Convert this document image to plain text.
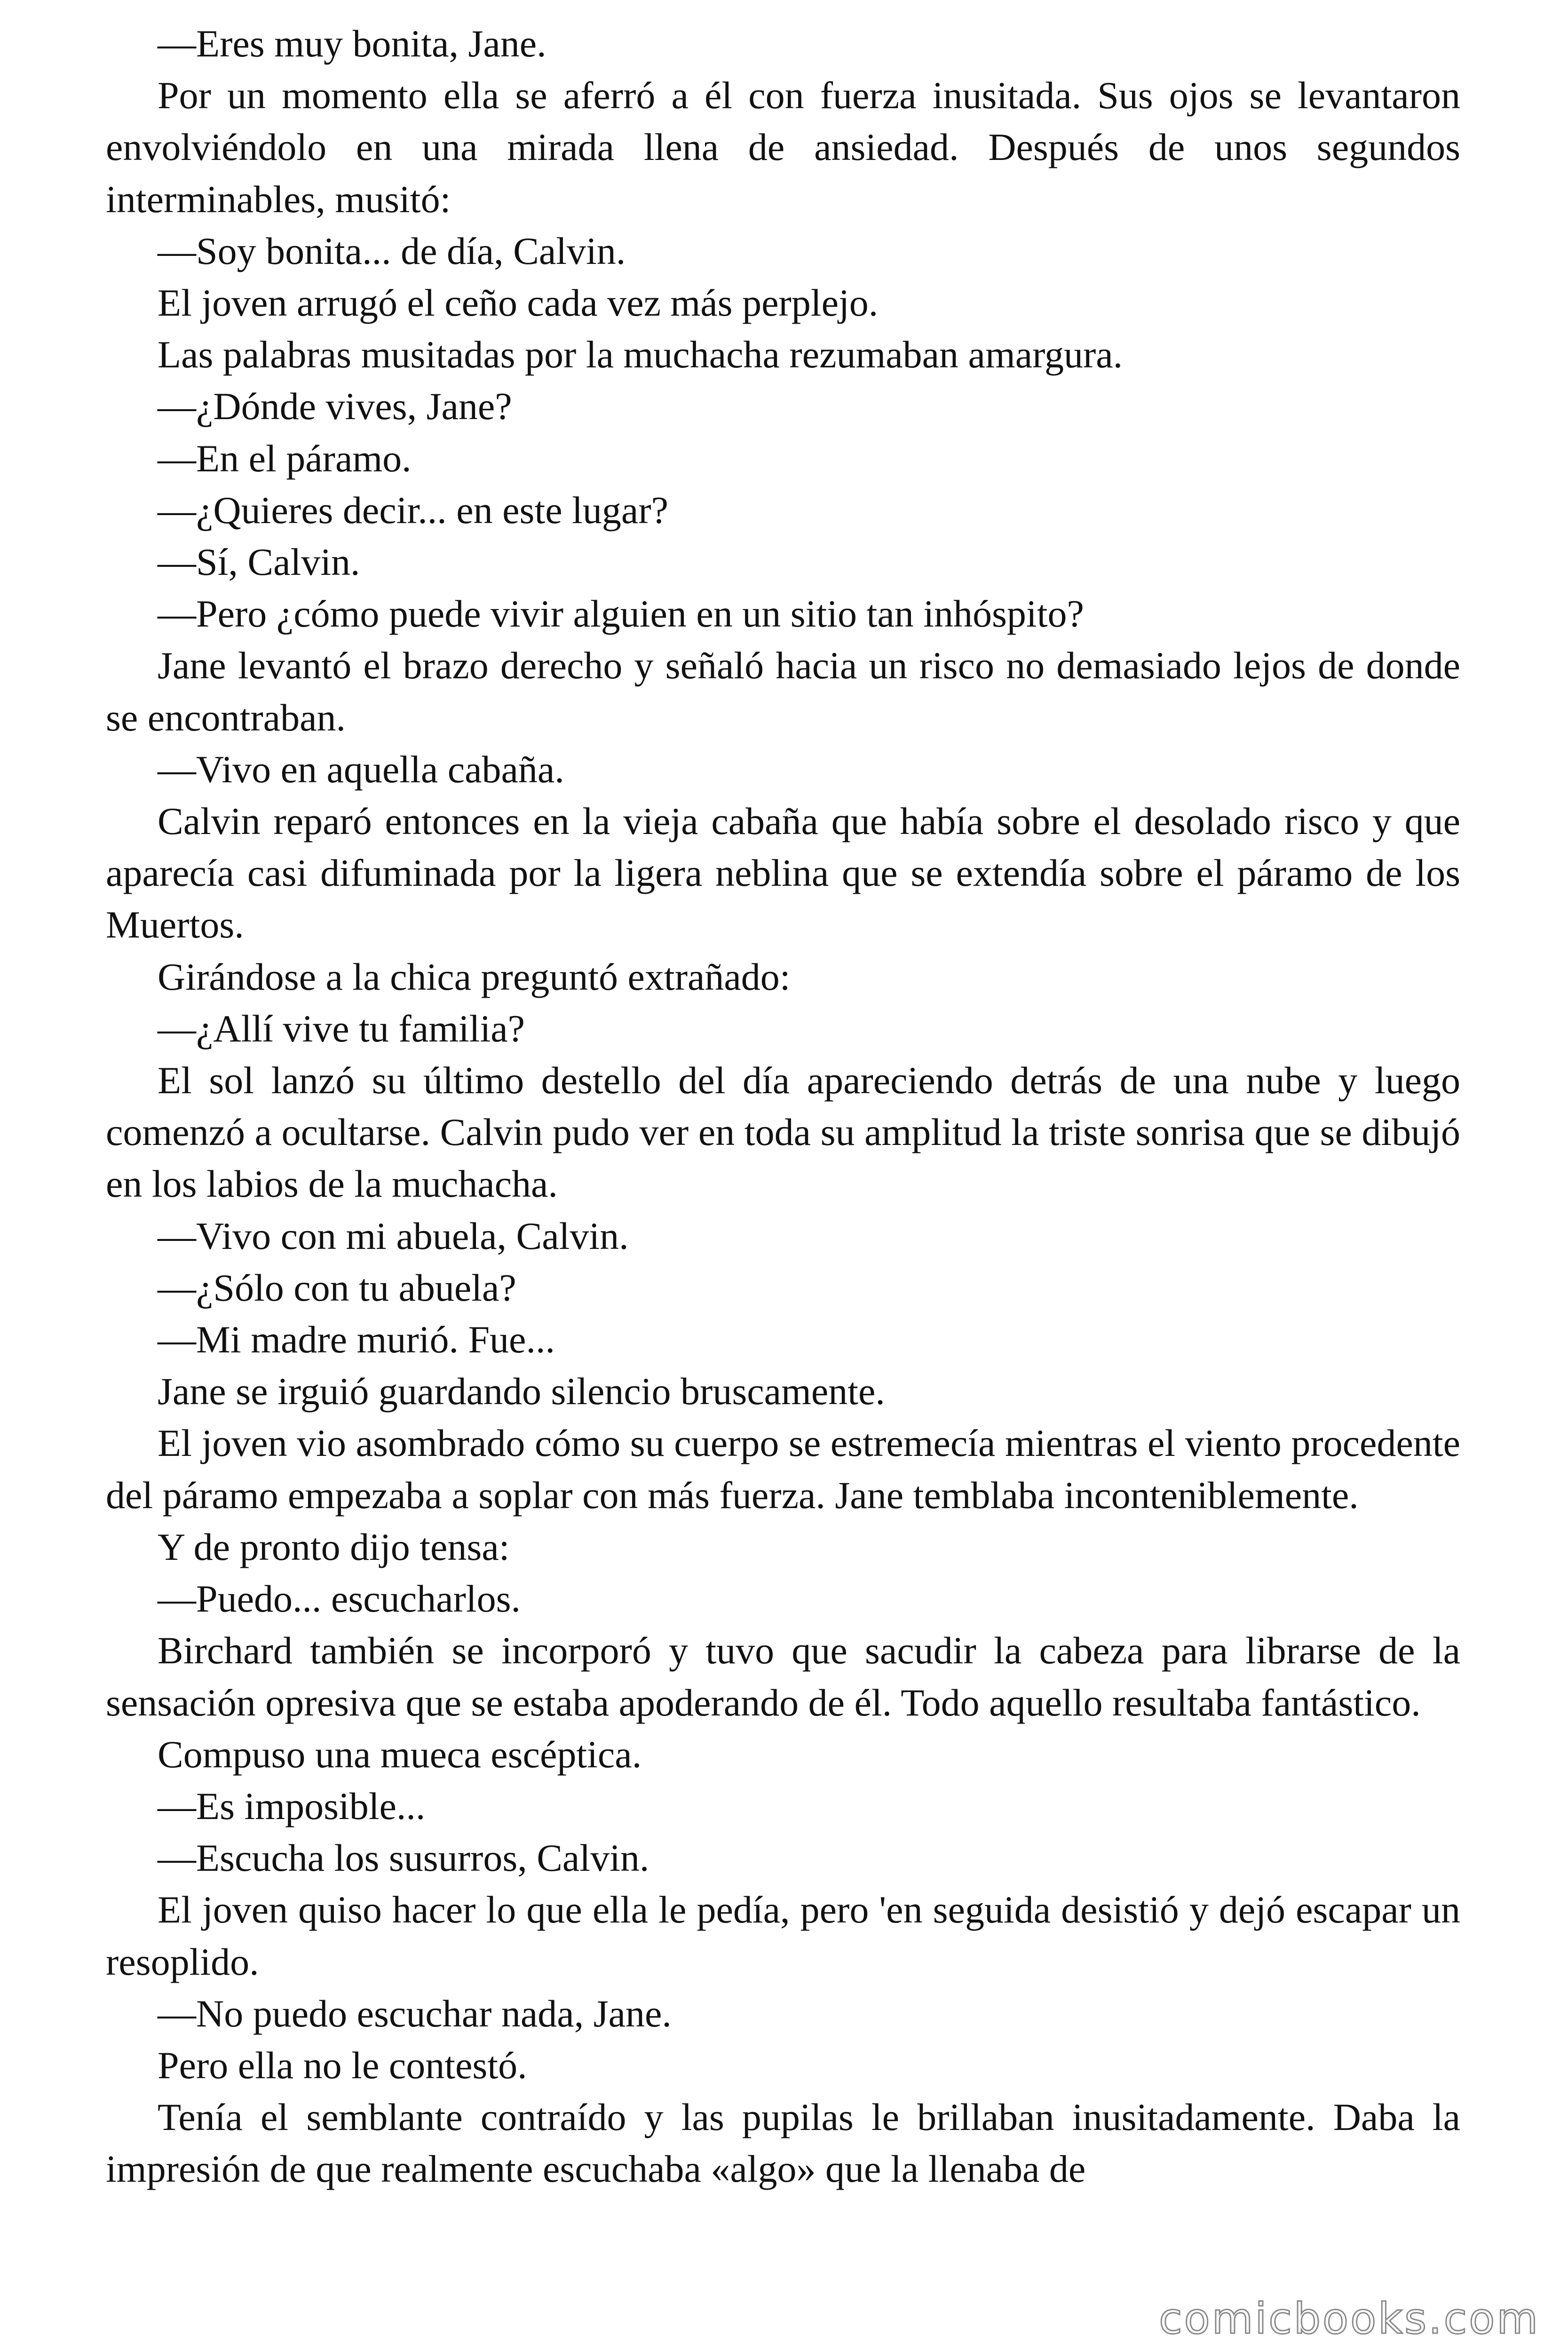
—Eres muy bonita, Jane.

Por un momento ella se aferró a él con fuerza inusitada. Sus ojos se levantaron envolviéndolo en una mirada llena de ansiedad. Después de unos segundos interminables, musitó:

—Soy bonita... de día, Calvin.

El joven arrugó el ceño cada vez más perplejo.

Las palabras musitadas por la muchacha rezumaban amargura.

—¿Dónde vives, Jane?

—En el páramo.

—¿Quieres decir... en este lugar?

—Sí, Calvin.

—Pero ¿cómo puede vivir alguien en un sitio tan inhóspito?

Jane levantó el brazo derecho y señaló hacia un risco no demasiado lejos de donde se encontraban.

—Vivo en aquella cabaña.

Calvin reparó entonces en la vieja cabaña que había sobre el desolado risco y que aparecía casi difuminada por la ligera neblina que se extendía sobre el páramo de los Muertos.

Girándose a la chica preguntó extrañado:

—¿Allí vive tu familia?

El sol lanzó su último destello del día apareciendo detrás de una nube y luego comenzó a ocultarse. Calvin pudo ver en toda su amplitud la triste sonrisa que se dibujó en los labios de la muchacha.

—Vivo con mi abuela, Calvin.

—¿Sólo con tu abuela?

—Mi madre murió. Fue...

Jane se irguió guardando silencio bruscamente.

El joven vio asombrado cómo su cuerpo se estremecía mientras el viento procedente del páramo empezaba a soplar con más fuerza. Jane temblaba inconteniblemente.

Y de pronto dijo tensa:

—Puedo... escucharlos.

Birchard también se incorporó y tuvo que sacudir la cabeza para librarse de la sensación opresiva que se estaba apoderando de él. Todo aquello resultaba fantástico.

Compuso una mueca escéptica.

—Es imposible...

—Escucha los susurros, Calvin.

El joven quiso hacer lo que ella le pedía, pero 'en seguida desistió y dejó escapar un resoplido.

—No puedo escuchar nada, Jane.

Pero ella no le contestó.

Tenía el semblante contraído y las pupilas le brillaban inusitadamente. Daba la impresión de que realmente escuchaba «algo» que la llenaba de

comicbooks.com
